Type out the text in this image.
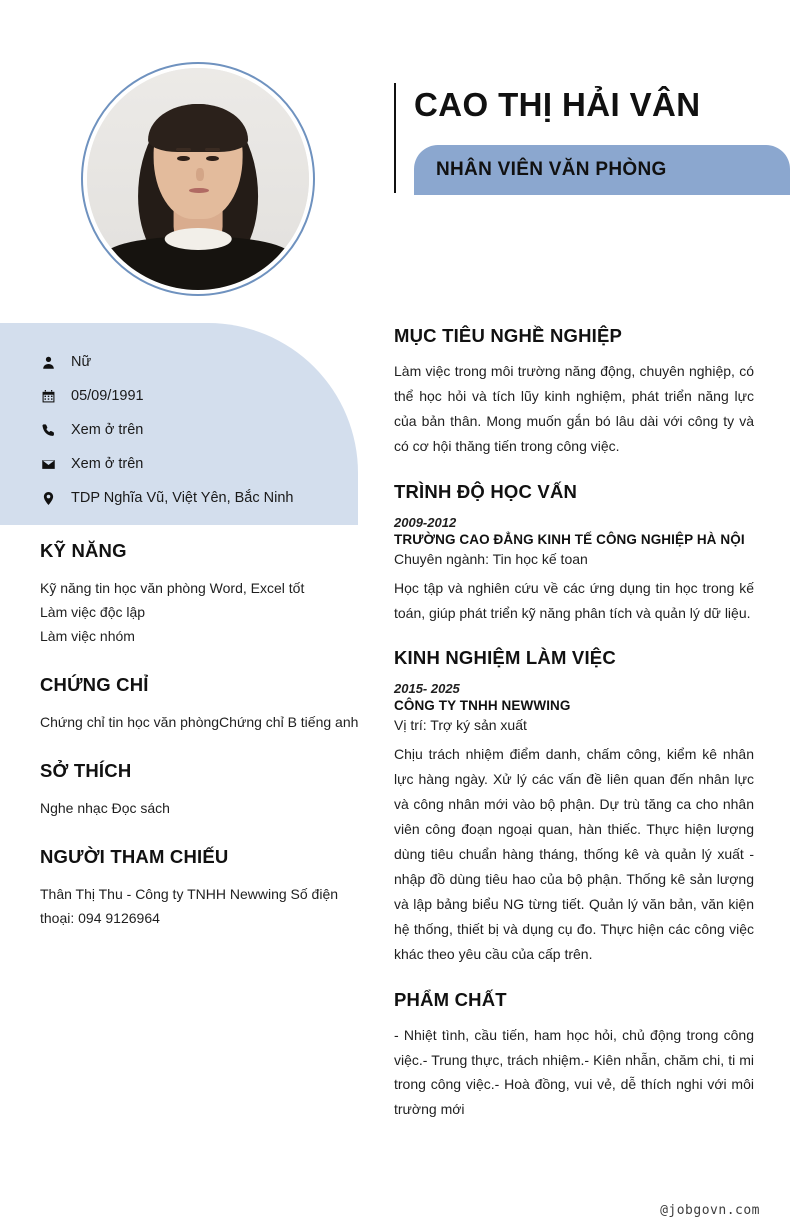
CAO THỊ HẢI VÂN
NHÂN VIÊN VĂN PHÒNG
Nữ
05/09/1991
Xem ở trên
Xem ở trên
TDP Nghĩa Vũ, Việt Yên, Bắc Ninh
KỸ NĂNG
Kỹ năng tin học văn phòng Word, Excel tốt
Làm việc độc lập
Làm việc nhóm
CHỨNG CHỈ
Chứng chỉ tin học văn phòngChứng chỉ B tiếng anh
SỞ THÍCH
Nghe nhạc Đọc sách
NGƯỜI THAM CHIẾU
Thân Thị Thu - Công ty TNHH Newwing Số điện thoại: 094 9126964
MỤC TIÊU NGHỀ NGHIỆP
Làm việc trong môi trường năng động, chuyên nghiệp, có thể học hỏi và tích lũy kinh nghiệm, phát triển năng lực của bản thân. Mong muốn gắn bó lâu dài với công ty và có cơ hội thăng tiến trong công việc.
TRÌNH ĐỘ HỌC VẤN
2009-2012
TRƯỜNG CAO ĐẲNG KINH TẾ CÔNG NGHIỆP HÀ NỘI
Chuyên ngành: Tin học kế toan
Học tập và nghiên cứu về các ứng dụng tin học trong kế toán, giúp phát triển kỹ năng phân tích và quản lý dữ liệu.
KINH NGHIỆM LÀM VIỆC
2015- 2025
CÔNG TY TNHH NEWWING
Vị trí: Trợ ký sản xuất
Chịu trách nhiệm điểm danh, chấm công, kiểm kê nhân lực hàng ngày. Xử lý các vấn đề liên quan đến nhân lực và công nhân mới vào bộ phận. Dự trù tăng ca cho nhân viên công đoạn ngoại quan, hàn thiếc. Thực hiện lượng dùng tiêu chuẩn hàng tháng, thống kê và quản lý xuất - nhập đồ dùng tiêu hao của bộ phận. Thống kê sản lượng và lập bảng biểu NG từng tiết. Quản lý văn bản, văn kiện hệ thống, thiết bị và dụng cụ đo. Thực hiện các công việc khác theo yêu cầu của cấp trên.
PHẨM CHẤT
- Nhiệt tình, cầu tiến, ham học hỏi, chủ động trong công việc.- Trung thực, trách nhiệm.- Kiên nhẫn, chăm chi, ti mi trong công việc.- Hoà đồng, vui vẻ, dễ thích nghi với môi trường mới
@jobgovn.com
